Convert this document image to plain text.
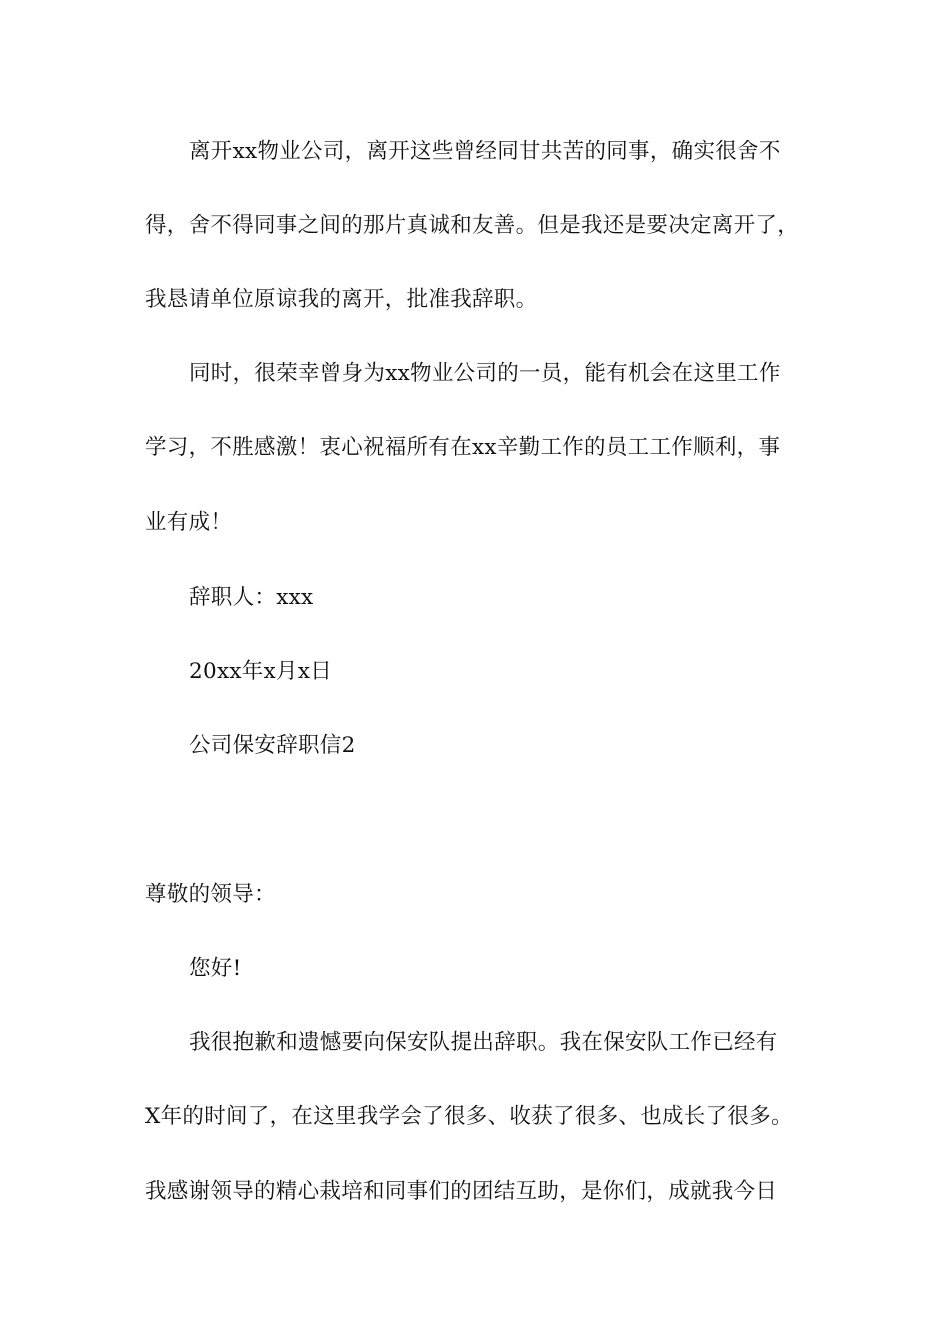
离开xx物业公司，离开这些曾经同甘共苦的同事，确实很舍不
得，舍不得同事之间的那片真诚和友善。但是我还是要决定离开了，
我恳请单位原谅我的离开，批准我辞职。
同时，很荣幸曾身为xx物业公司的一员，能有机会在这里工作
学习，不胜感激！衷心祝福所有在xx辛勤工作的员工工作顺利，事
业有成！
辞职人：xxx
20xx年x月x日
公司保安辞职信2
尊敬的领导：
您好!
我很抱歉和遗憾要向保安队提出辞职。我在保安队工作已经有
X年的时间了，在这里我学会了很多、收获了很多、也成长了很多。
我感谢领导的精心栽培和同事们的团结互助，是你们，成就我今日
